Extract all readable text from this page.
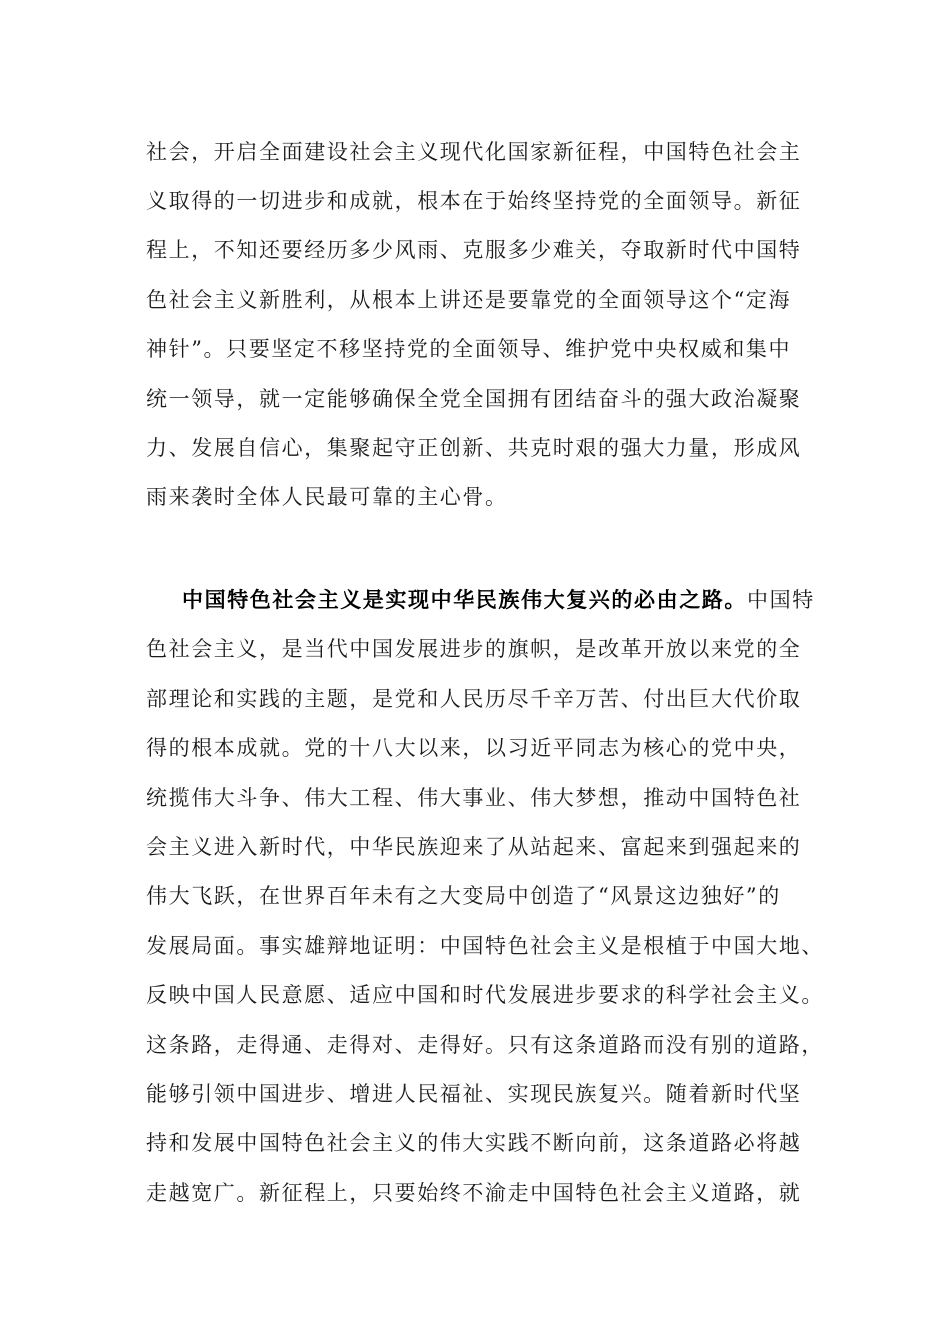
社会，开启全面建设社会主义现代化国家新征程，中国特色社会主
义取得的一切进步和成就，根本在于始终坚持党的全面领导。新征
程上，不知还要经历多少风雨、克服多少难关，夺取新时代中国特
色社会主义新胜利，从根本上讲还是要靠党的全面领导这个“定海
神针”。只要坚定不移坚持党的全面领导、维护党中央权威和集中
统一领导，就一定能够确保全党全国拥有团结奋斗的强大政治凝聚
力、发展自信心，集聚起守正创新、共克时艰的强大力量，形成风
雨来袭时全体人民最可靠的主心骨。
中国特色社会主义是实现中华民族伟大复兴的必由之路。中国特
色社会主义，是当代中国发展进步的旗帜，是改革开放以来党的全
部理论和实践的主题，是党和人民历尽千辛万苦、付出巨大代价取
得的根本成就。党的十八大以来，以习近平同志为核心的党中央，
统揽伟大斗争、伟大工程、伟大事业、伟大梦想，推动中国特色社
会主义进入新时代，中华民族迎来了从站起来、富起来到强起来的
伟大飞跃，在世界百年未有之大变局中创造了“风景这边独好”的
发展局面。事实雄辩地证明：中国特色社会主义是根植于中国大地、
反映中国人民意愿、适应中国和时代发展进步要求的科学社会主义。
这条路，走得通、走得对、走得好。只有这条道路而没有别的道路，
能够引领中国进步、增进人民福祉、实现民族复兴。随着新时代坚
持和发展中国特色社会主义的伟大实践不断向前，这条道路必将越
走越宽广。新征程上，只要始终不渝走中国特色社会主义道路，就
